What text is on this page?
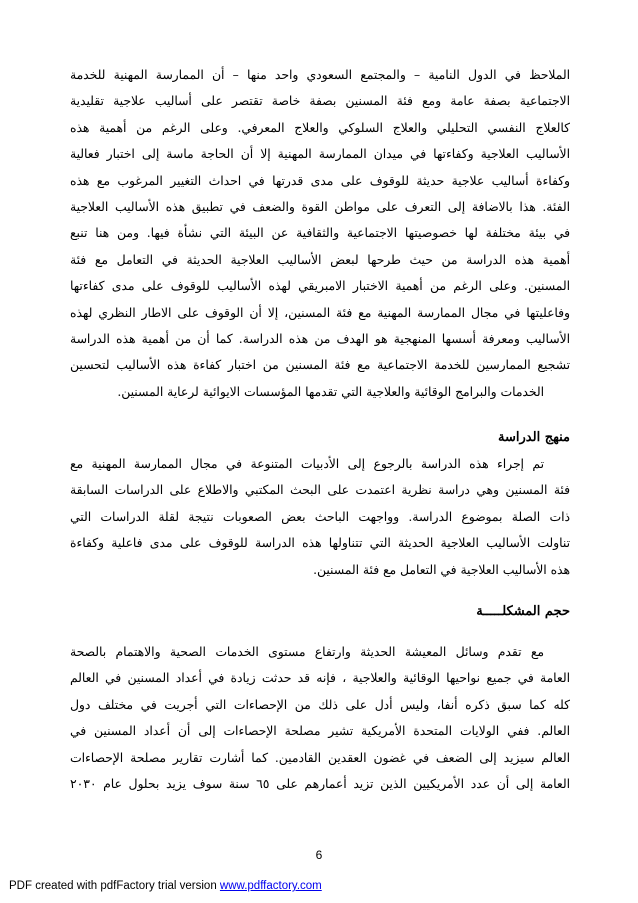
الملاحظ في الدول النامية – والمجتمع السعودي واحد منها – أن الممارسة المهنية للخدمة

الاجتماعية بصفة عامة ومع فئة المسنين بصفة خاصة تقتصر على أساليب علاجية تقليدية

كالعلاج النفسي التحليلي والعلاج السلوكي والعلاج المعرفي. وعلى الرغم من أهمية هذه

الأساليب العلاجية وكفاءتها في ميدان الممارسة المهنية إلا أن الحاجة ماسة إلى اختبار فعالية

وكفاءة أساليب علاجية حديثة للوقوف على مدى قدرتها في احداث التغيير المرغوب مع هذه

الفئة. هذا بالاضافة إلى التعرف على مواطن القوة والضعف في تطبيق هذه الأساليب العلاجية

في بيئة مختلفة لها خصوصيتها الاجتماعية والثقافية عن البيئة التي نشأة فيها. ومن هنا تنبع

أهمية هذه الدراسة من حيث طرحها لبعض الأساليب العلاجية الحديثة في التعامل مع فئة

المسنين. وعلى الرغم من أهمية الاختبار الامبريقي لهذه الأساليب للوقوف على مدى كفاءتها

وفاعليتها في مجال الممارسة المهنية مع فئة المسنين، إلا أن الوقوف على الاطار النظري لهذه

الأساليب ومعرفة أسسها المنهجية هو الهدف من هذه الدراسة. كما أن من أهمية هذه الدراسة

تشجيع الممارسين للخدمة الاجتماعية مع فئة المسنين من اختبار كفاءة هذه الأساليب لتحسين

الخدمات والبرامج الوقائية والعلاجية التي تقدمها المؤسسات الايوائية لرعاية المسنين.

منهج الدراسة

تم إجراء هذه الدراسة بالرجوع إلى الأدبيات المتنوعة في مجال الممارسة المهنية مع

فئة المسنين وهي دراسة نظرية اعتمدت على البحث المكتبي والاطلاع على الدراسات السابقة

ذات الصلة بموضوع الدراسة. وواجهت الباحث بعض الصعوبات نتيجة لقلة الدراسات التي

تناولت الأساليب العلاجية الحديثة التي تتناولها هذه الدراسة للوقوف على مدى فاعلية وكفاءة

هذه الأساليب العلاجية في التعامل مع فئة المسنين.

حجم المشكلـــــة

مع تقدم وسائل المعيشة الحديثة وارتفاع مستوى الخدمات الصحية والاهتمام بالصحة

العامة في جميع نواحيها الوقائية والعلاجية ، فإنه قد حدثت زيادة في أعداد المسنين في العالم

كله كما سبق ذكره أنفا، وليس أدل على ذلك من الإحصاءات التي أجريت في مختلف دول

العالم. ففي الولايات المتحدة الأمريكية تشير مصلحة الإحصاءات إلى أن أعداد المسنين في

العالم سيزيد إلى الضعف في غضون العقدين القادمين. كما أشارت تقارير مصلحة الإحصاءات

العامة إلى أن عدد الأمريكيين الذين تزيد أعمارهم على ٦٥ سنة سوف يزيد بحلول عام ٢٠٣٠

6
PDF created with pdfFactory trial version www.pdffactory.com
